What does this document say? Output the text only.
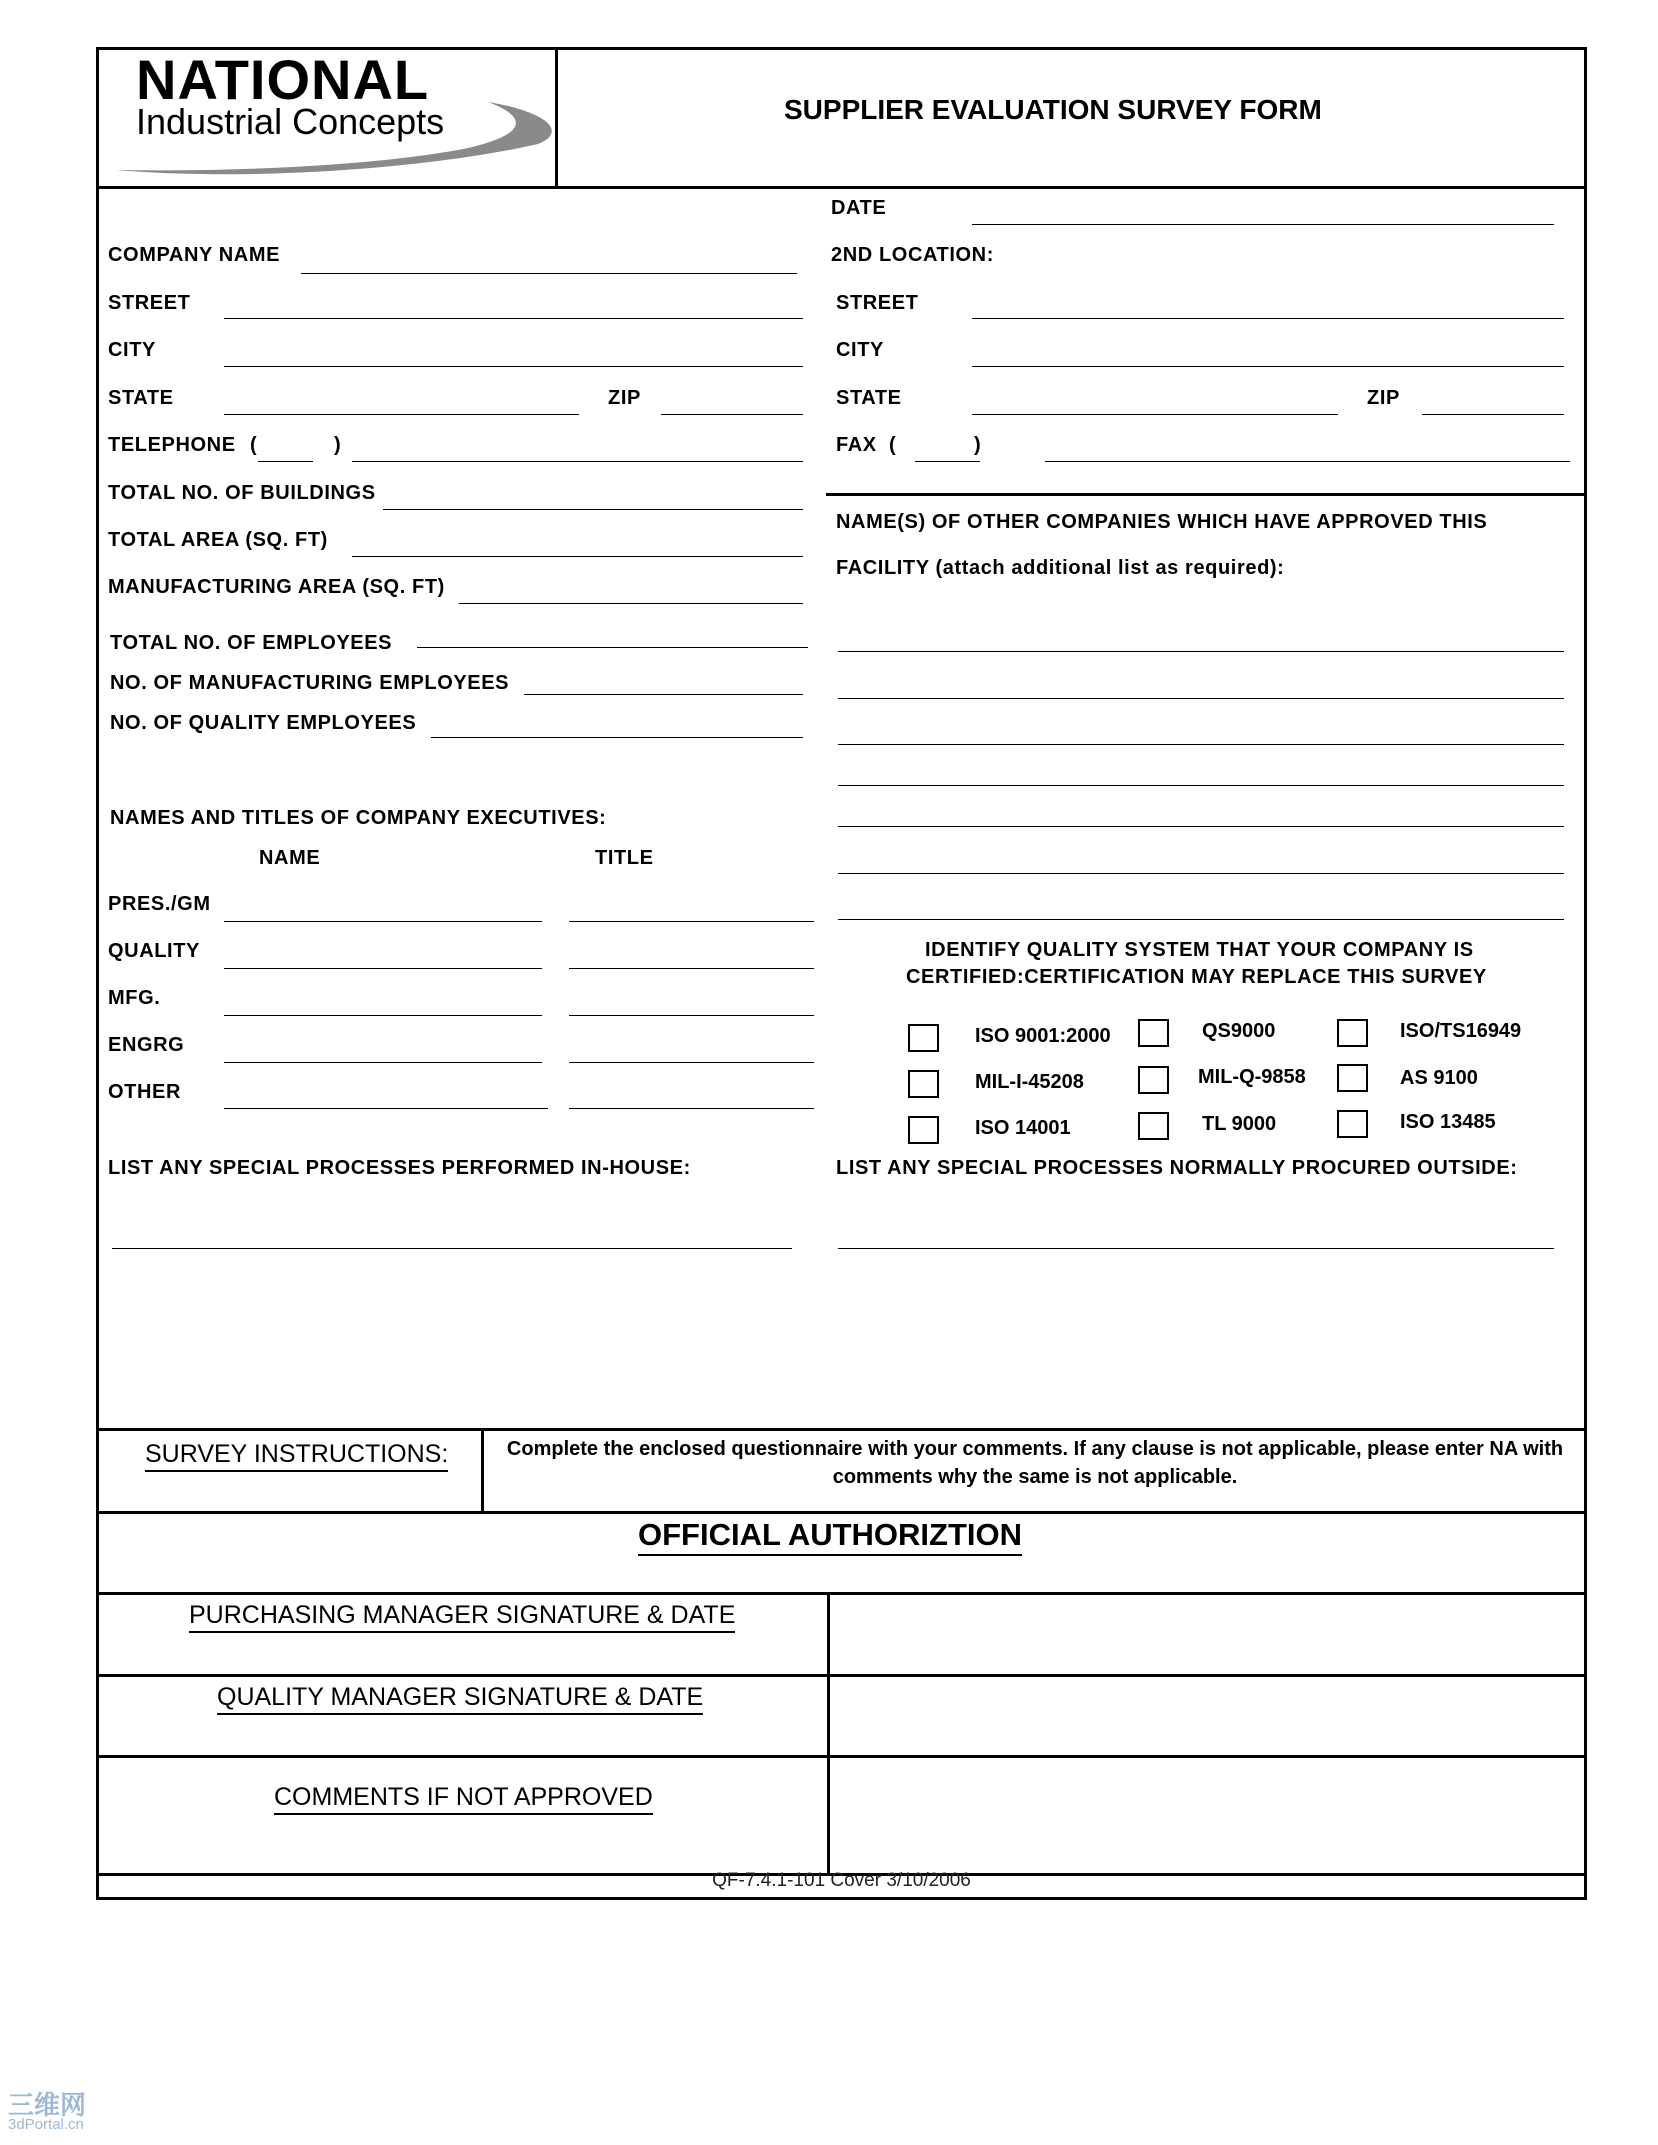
NATIONAL
Industrial Concepts	SUPPLIER EVALUATION SURVEY FORM
DATE
COMPANY NAME
STREET
CITY
STATE	ZIP
TELEPHONE (	)
TOTAL NO. OF BUILDINGS
TOTAL AREA (SQ. FT)
MANUFACTURING AREA (SQ. FT)
TOTAL NO. OF EMPLOYEES
NO. OF MANUFACTURING EMPLOYEES
NO. OF QUALITY EMPLOYEES
NAMES AND TITLES OF COMPANY EXECUTIVES:
NAME	TITLE
PRES./GM
QUALITY
MFG.
ENGRG
OTHER
LIST ANY SPECIAL PROCESSES PERFORMED IN-HOUSE:
2ND LOCATION:
STREET
CITY
STATE	ZIP
FAX (	)
NAME(S) OF OTHER COMPANIES WHICH HAVE APPROVED THIS
FACILITY (attach additional list as required):
IDENTIFY QUALITY SYSTEM THAT YOUR COMPANY IS
CERTIFIED:CERTIFICATION MAY REPLACE THIS SURVEY
ISO 9001:2000	QS9000	ISO/TS16949
MIL-I-45208	MIL-Q-9858	AS 9100
ISO 14001	TL 9000	ISO 13485
LIST ANY SPECIAL PROCESSES NORMALLY PROCURED OUTSIDE:
SURVEY INSTRUCTIONS:	Complete the enclosed questionnaire with your comments. If any clause is not applicable, please enter NA with comments why the same is not applicable.
OFFICIAL AUTHORIZTION
PURCHASING MANAGER SIGNATURE & DATE
QUALITY MANAGER SIGNATURE & DATE
COMMENTS IF NOT APPROVED
QF-7.4.1-101 Cover 3/10/2006
三维网
3dPortal.cn
